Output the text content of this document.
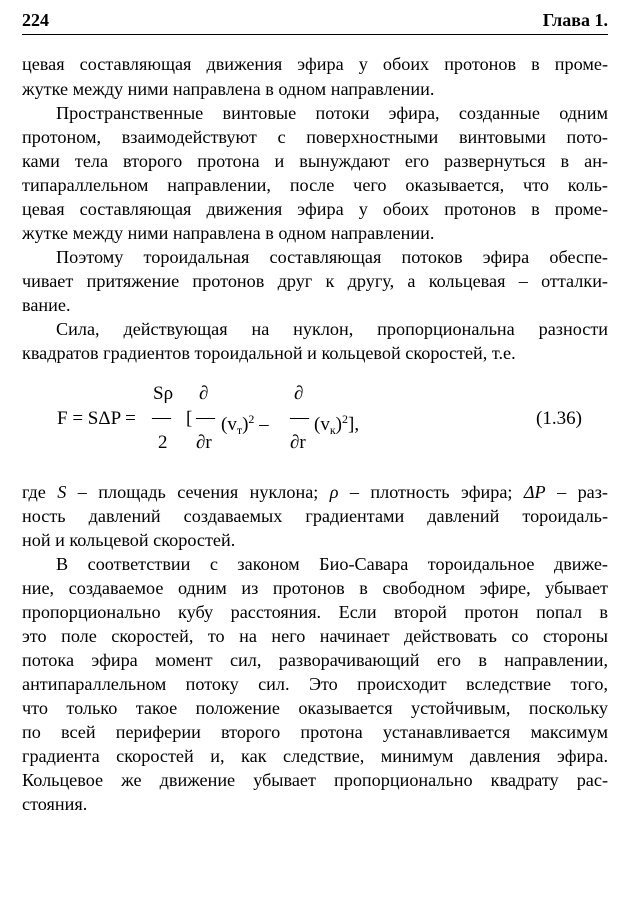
224	Глава 1.
цевая составляющая движения эфира у обоих протонов в проме-
жутке между ними направлена в одном направлении.
Пространственные винтовые потоки эфира, созданные одним
протоном, взаимодействуют с поверхностными винтовыми пото-
ками тела второго протона и вынуждают его развернуться в ан-
типараллельном направлении, после чего оказывается, что коль-
цевая составляющая движения эфира у обоих протонов в проме-
жутке между ними направлена в одном направлении.
Поэтому тороидальная составляющая потоков эфира обеспе-
чивает притяжение протонов друг к другу, а кольцевая – отталки-
вание.
Сила, действующая на нуклон, пропорциональна разности
квадратов градиентов тороидальной и кольцевой скоростей, т.е.
F = SΔP =
Sρ
—
2
[
∂
—
∂r
$(v_т)^2$ –
∂
—
∂r
$(v_к)^2$],	(1.36)
где S – площадь сечения нуклона; ρ – плотность эфира; ΔP – раз-
ность давлений создаваемых градиентами давлений тороидаль-
ной и кольцевой скоростей.
В соответствии с законом Био-Савара тороидальное движе-
ние, создаваемое одним из протонов в свободном эфире, убывает
пропорционально кубу расстояния. Если второй протон попал в
это поле скоростей, то на него начинает действовать со стороны
потока эфира момент сил, разворачивающий его в направлении,
антипараллельном потоку сил. Это происходит вследствие того,
что только такое положение оказывается устойчивым, поскольку
по всей периферии второго протона устанавливается максимум
градиента скоростей и, как следствие, минимум давления эфира.
Кольцевое же движение убывает пропорционально квадрату рас-
стояния.
